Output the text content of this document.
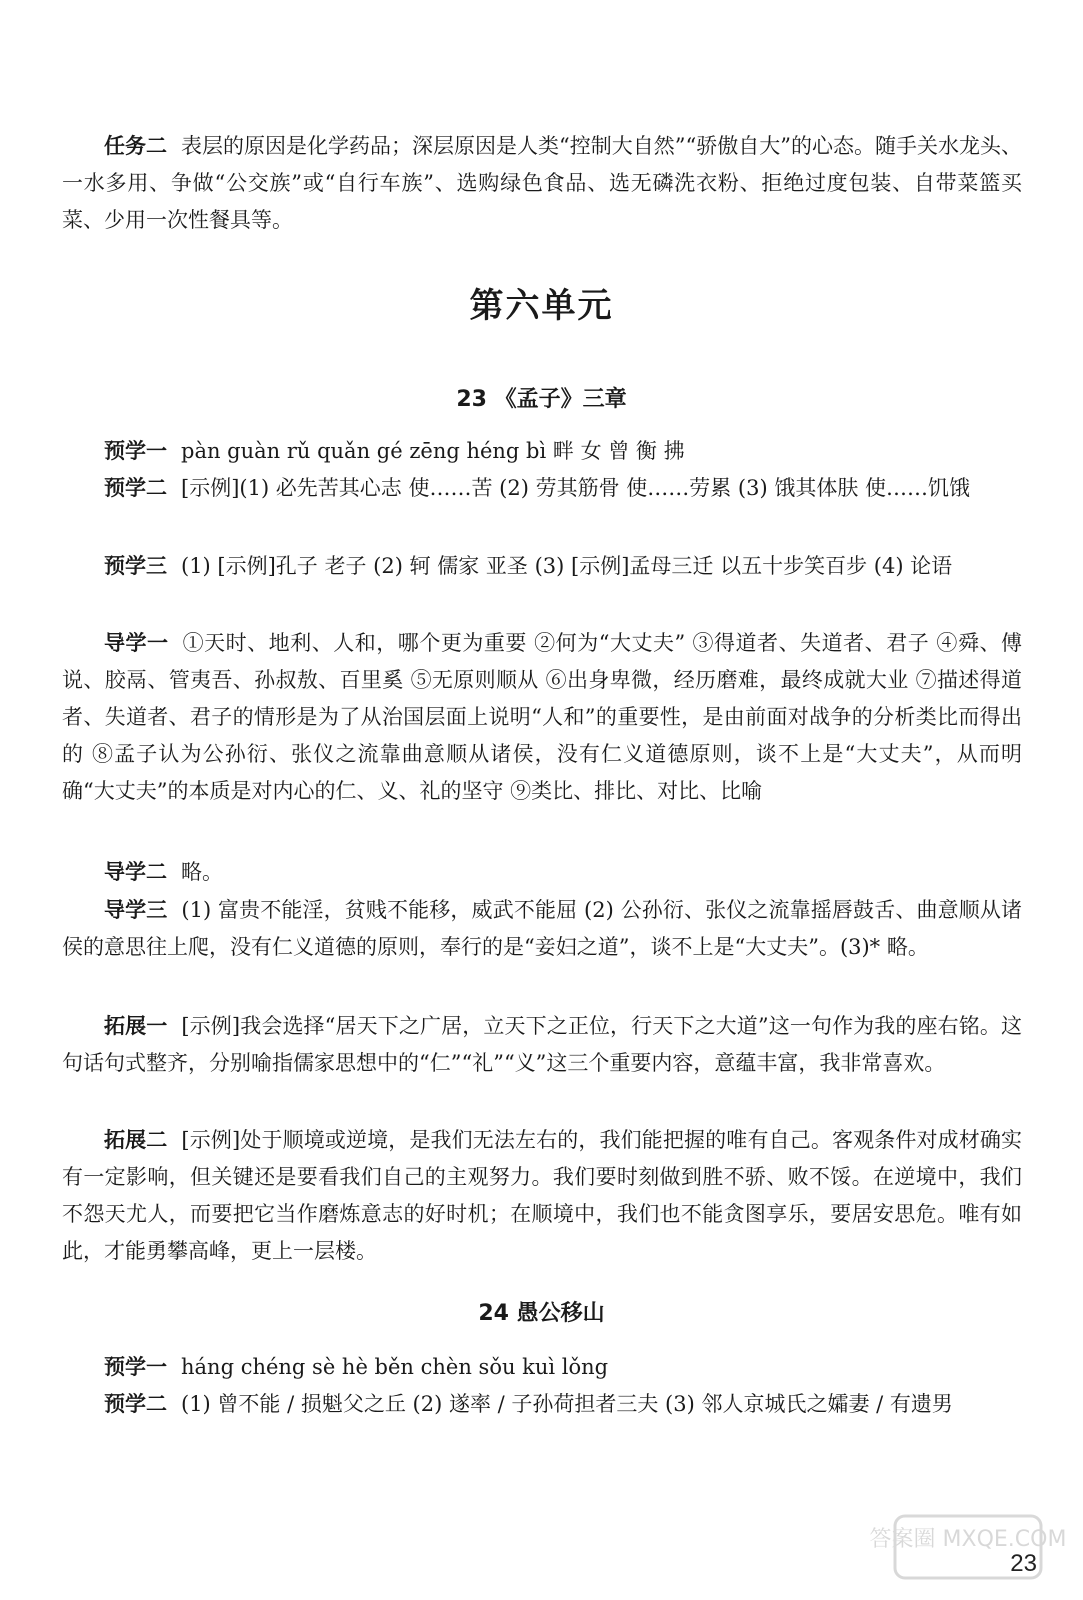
任务二 表层的原因是化学药品；深层原因是人类“控制大自然”“骄傲自大”的心态。随手关水龙头、一水多用、争做“公交族”或“自行车族”、选购绿色食品、选无磷洗衣粉、拒绝过度包装、自带菜篮买菜、少用一次性餐具等。
第六单元
23 《孟子》三章
预学一 pàn guàn rǔ quǎn gé zēng héng bì 畔 女 曾 衡 拂
预学二 [示例](1) 必先苦其心志 使……苦 (2) 劳其筋骨 使……劳累 (3) 饿其体肤 使……饥饿
预学三 (1) [示例]孔子 老子 (2) 轲 儒家 亚圣 (3) [示例]孟母三迁 以五十步笑百步 (4) 论语
导学一 ①天时、地利、人和，哪个更为重要 ②何为“大丈夫” ③得道者、失道者、君子 ④舜、傅说、胶鬲、管夷吾、孙叔敖、百里奚 ⑤无原则顺从 ⑥出身卑微，经历磨难，最终成就大业 ⑦描述得道者、失道者、君子的情形是为了从治国层面上说明“人和”的重要性，是由前面对战争的分析类比而得出的 ⑧孟子认为公孙衍、张仪之流靠曲意顺从诸侯，没有仁义道德原则，谈不上是“大丈夫”，从而明确“大丈夫”的本质是对内心的仁、义、礼的坚守 ⑨类比、排比、对比、比喻
导学二 略。
导学三 (1) 富贵不能淫，贫贱不能移，威武不能屈 (2) 公孙衍、张仪之流靠摇唇鼓舌、曲意顺从诸侯的意思往上爬，没有仁义道德的原则，奉行的是“妾妇之道”，谈不上是“大丈夫”。(3)* 略。
拓展一 [示例]我会选择“居天下之广居，立天下之正位，行天下之大道”这一句作为我的座右铭。这句话句式整齐，分别喻指儒家思想中的“仁”“礼”“义”这三个重要内容，意蕴丰富，我非常喜欢。
拓展二 [示例]处于顺境或逆境，是我们无法左右的，我们能把握的唯有自己。客观条件对成材确实有一定影响，但关键还是要看我们自己的主观努力。我们要时刻做到胜不骄、败不馁。在逆境中，我们不怨天尤人，而要把它当作磨炼意志的好时机；在顺境中，我们也不能贪图享乐，要居安思危。唯有如此，才能勇攀高峰，更上一层楼。
24 愚公移山
预学一 háng chéng sè hè běn chèn sǒu kuì lǒng
预学二 (1) 曾不能 / 损魁父之丘 (2) 遂率 / 子孙荷担者三夫 (3) 邻人京城氏之孀妻 / 有遗男
答案圈 MXQE.COM
23
